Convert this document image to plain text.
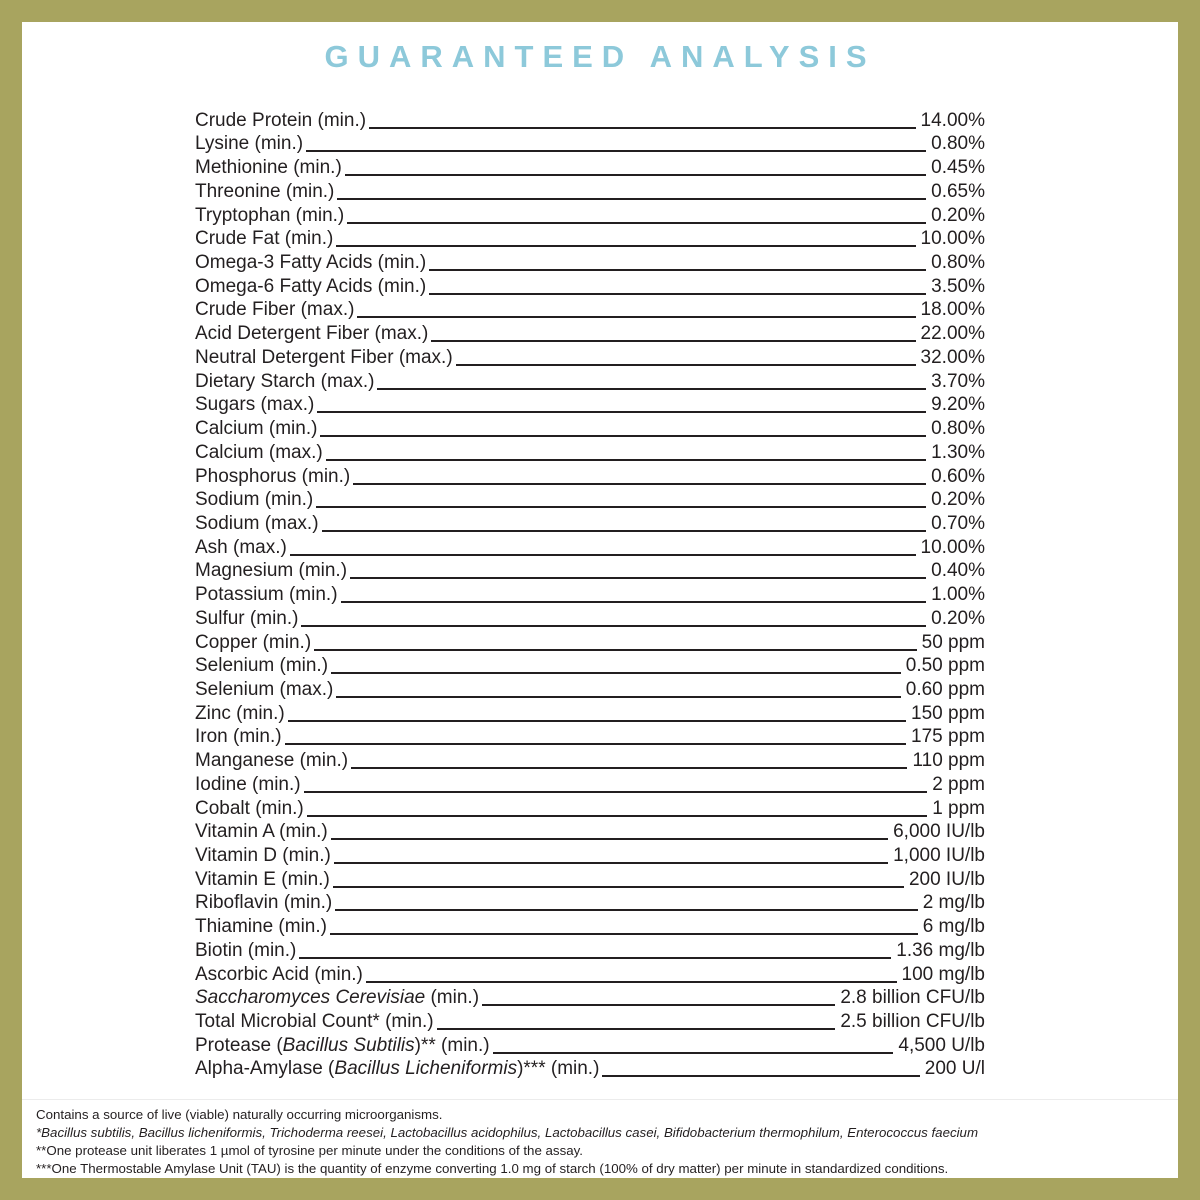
GUARANTEED ANALYSIS
Crude Protein (min.)	14.00%
Lysine (min.)	0.80%
Methionine (min.)	0.45%
Threonine (min.)	0.65%
Tryptophan (min.)	0.20%
Crude Fat (min.)	10.00%
Omega-3 Fatty Acids (min.)	0.80%
Omega-6 Fatty Acids (min.)	3.50%
Crude Fiber (max.)	18.00%
Acid Detergent Fiber (max.)	22.00%
Neutral Detergent Fiber (max.)	32.00%
Dietary Starch (max.)	3.70%
Sugars (max.)	9.20%
Calcium (min.)	0.80%
Calcium (max.)	1.30%
Phosphorus (min.)	0.60%
Sodium (min.)	0.20%
Sodium (max.)	0.70%
Ash (max.)	10.00%
Magnesium (min.)	0.40%
Potassium (min.)	1.00%
Sulfur (min.)	0.20%
Copper (min.)	50 ppm
Selenium (min.)	0.50 ppm
Selenium (max.)	0.60 ppm
Zinc (min.)	150 ppm
Iron (min.)	175 ppm
Manganese (min.)	110 ppm
Iodine (min.)	2 ppm
Cobalt (min.)	1 ppm
Vitamin A (min.)	6,000 IU/lb
Vitamin D (min.)	1,000 IU/lb
Vitamin E (min.)	200 IU/lb
Riboflavin (min.)	2 mg/lb
Thiamine (min.)	6 mg/lb
Biotin (min.)	1.36 mg/lb
Ascorbic Acid (min.)	100 mg/lb
Saccharomyces Cerevisiae (min.)	2.8 billion CFU/lb
Total Microbial Count* (min.)	2.5 billion CFU/lb
Protease (Bacillus Subtilis)** (min.)	4,500 U/lb
Alpha-Amylase (Bacillus Licheniformis)*** (min.)	200 U/l
Contains a source of live (viable) naturally occurring microorganisms.
*Bacillus subtilis, Bacillus licheniformis, Trichoderma reesei, Lactobacillus acidophilus, Lactobacillus casei, Bifidobacterium thermophilum, Enterococcus faecium
**One protease unit liberates 1 µmol of tyrosine per minute under the conditions of the assay.
***One Thermostable Amylase Unit (TAU) is the quantity of enzyme converting 1.0 mg of starch (100% of dry matter) per minute in standardized conditions.
